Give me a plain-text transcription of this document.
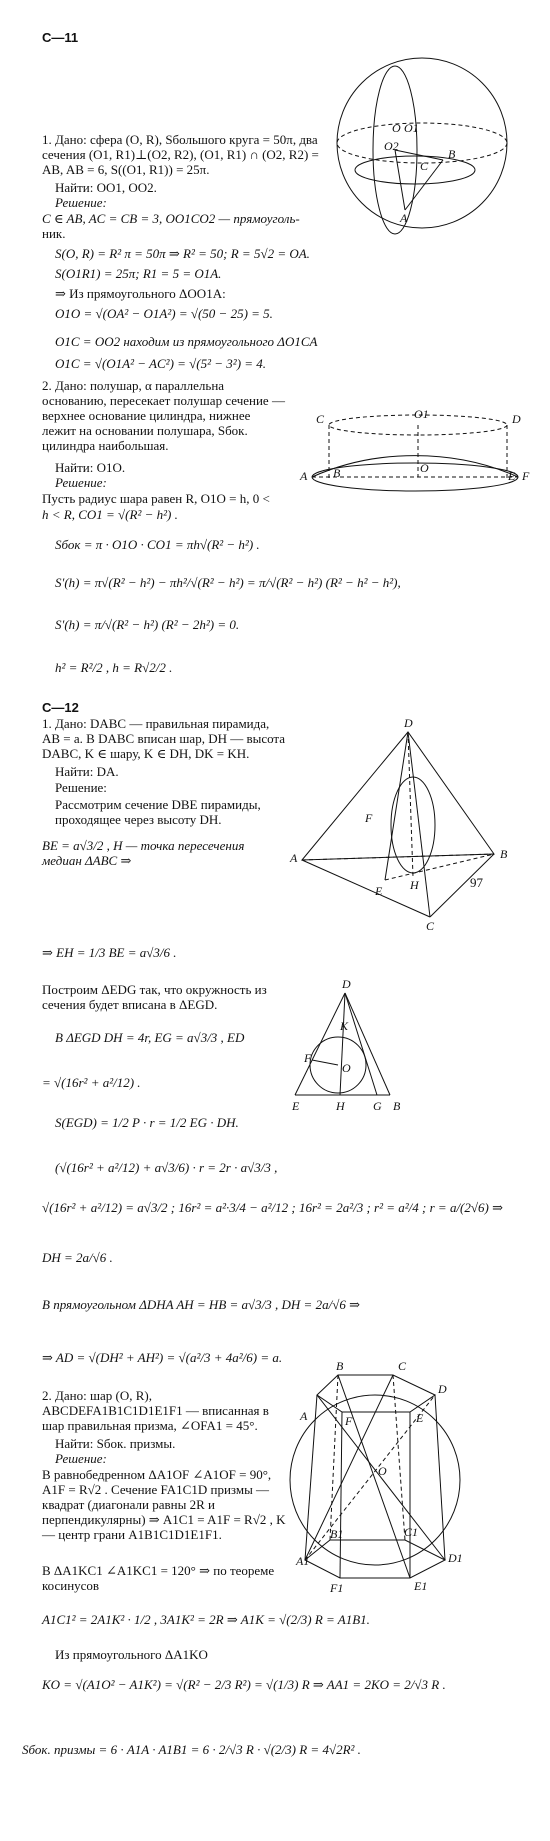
C—11
1. Дано: сфера (O, R), Sбольшого круга = 50π, два сечения (O1, R1)⊥(O2, R2), (O1, R1) ∩ (O2, R2) = AB, AB = 6, S((O1, R1)) = 25π.
Найти: OO1, OO2.
Решение:
C ∈ AB, AC = CB = 3, OO1CO2 — прямоуголь-
ник.
S(O, R) = R² π = 50π ⇒ R² = 50; R = 5√2 = OA.
S(O1R1) = 25π; R1 = 5 = O1A.
⇒ Из прямоугольного ΔOO1A:
O1O = √(OA² − O1A²) = √(50 − 25) = 5.
O1C = OO2 находим из прямоугольного ΔO1CA
O1C = √(O1A² − AC²) = √(5² − 3²) = 4.
2. Дано: полушар, α параллельна основанию, пересекает полушар сечение — верхнее основание цилиндра, нижнее лежит на основании полушара, Sбок. цилиндра наибольшая.
Найти: O1O.
Решение:
Пусть радиус шара равен R, O1O = h, 0 <
h < R, CO1 = √(R² − h²) .
Sбок = π · O1O · CO1 = πh√(R² − h²) .
S′(h) = π√(R² − h²) − πh²/√(R² − h²) = π/√(R² − h²) (R² − h² − h²),
S′(h) = π/√(R² − h²) (R² − 2h²) = 0.
h² = R²/2 , h = R√2/2 .
C—12
1. Дано: DABC — правильная пирамида, AB = a. В DABC вписан шар, DH — высота DABC, K ∈ шару, K ∈ DH, DK = KH.
Найти: DA.
Решение:
Рассмотрим сечение DBE пирамиды, проходящее через высоту DH.
BE = a√3/2 , H — точка пересечения медиан ΔABC ⇒
97
⇒ EH = 1/3 BE = a√3/6 .
Построим ΔEDG так, что окружность из сечения будет вписана в ΔEGD.
В ΔEGD DH = 4r, EG = a√3/3 , ED
= √(16r² + a²/12) .
S(EGD) = 1/2 P · r = 1/2 EG · DH.
(√(16r² + a²/12) + a√3/6) · r = 2r · a√3/3 ,
√(16r² + a²/12) = a√3/2 ; 16r² = a²·3/4 − a²/12 ; 16r² = 2a²/3 ; r² = a²/4 ; r = a/(2√6) ⇒
DH = 2a/√6 .
В прямоугольном ΔDHA AH = HB = a√3/3 , DH = 2a/√6 ⇒
⇒ AD = √(DH² + AH²) = √(a²/3 + 4a²/6) = a.
2. Дано: шар (O, R), ABCDEFA1B1C1D1E1F1 — вписанная в шар правильная призма, ∠OFA1 = 45°.
Найти: Sбок. призмы.
Решение:
В равнобедренном ΔA1OF ∠A1OF = 90°, A1F = R√2 . Сечение FA1C1D призмы — квадрат (диагонали равны 2R и перпендикулярны) ⇒ A1C1 = A1F = R√2 , K — центр грани A1B1C1D1E1F1.
В ΔA1KC1 ∠A1KC1 = 120° ⇒ по теореме косинусов
A1C1² = 2A1K² · 1/2 , 3A1K² = 2R ⇒ A1K = √(2/3) R = A1B1.
Из прямоугольного ΔA1KO
KO = √(A1O² − A1K²) = √(R² − 2/3 R²) = √(1/3) R ⇒ AA1 = 2KO = 2/√3 R .
Sбок. призмы = 6 · A1A · A1B1 = 6 · 2/√3 R · √(2/3) R = 4√2R² .
O O1
O2
C
B
A
C	O1	D
A B	O
E F
D
F
A	B
E H
C
D
K
F
O
E	H G B
B	C
D
A	E
F
A1
B1	C1
D1
E1
F1
O
